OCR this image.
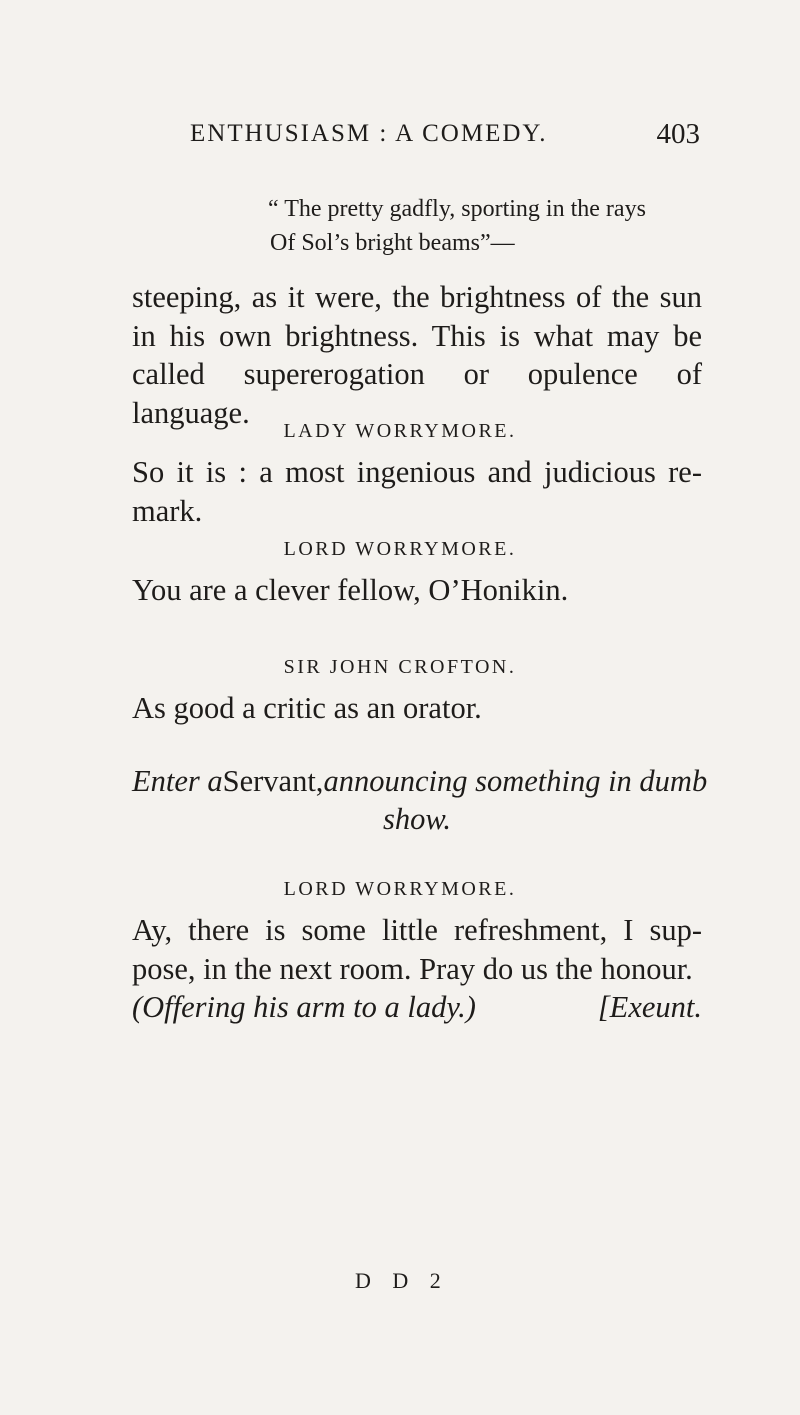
ENTHUSIASM : A COMEDY.	403
“ The pretty gadfly, sporting in the rays
Of Sol’s bright beams”—
steeping, as it were, the brightness of the sun in his own brightness. This is what may be called supererogation or opulence of language.
LADY WORRYMORE.
So it is : a most ingenious and judicious re- mark.
LORD WORRYMORE.
You are a clever fellow, O’Honikin.
SIR JOHN CROFTON.
As good a critic as an orator.
Enter a Servant, announcing something in dumb
show.
LORD WORRYMORE.
Ay, there is some little refreshment, I sup- pose, in the next room. Pray do us the honour.
(Offering his arm to a lady.)	[Exeunt.
D D 2
